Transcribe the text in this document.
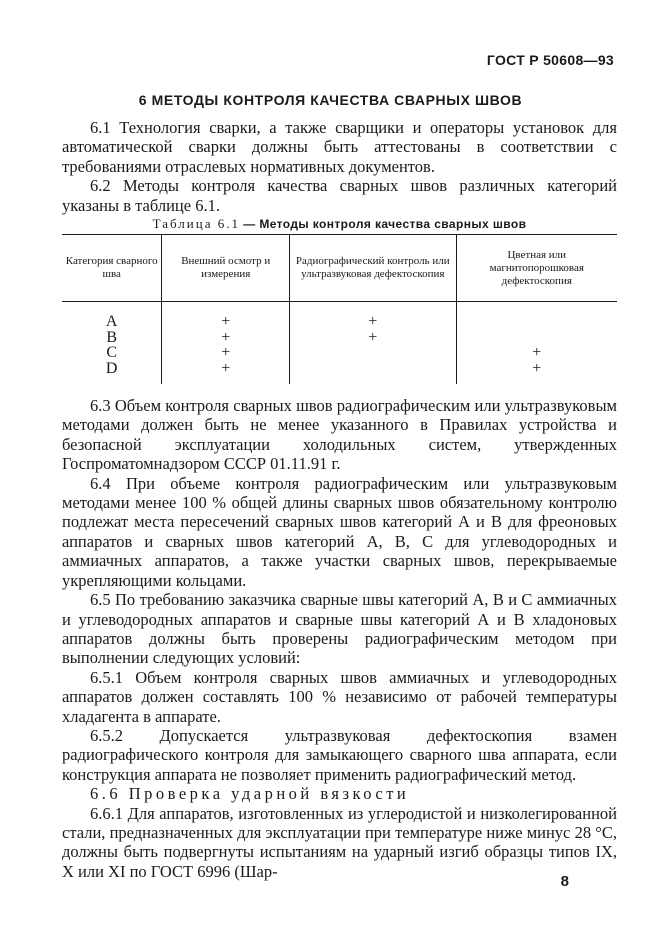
ГОСТ Р 50608—93
6 МЕТОДЫ КОНТРОЛЯ КАЧЕСТВА СВАРНЫХ ШВОВ

6.1 Технология сварки, а также сварщики и операторы установок для автоматической сварки должны быть аттестованы в соответствии с требованиями отраслевых нормативных документов.

6.2 Методы контроля качества сварных швов различных категорий указаны в таблице 6.1.

Таблица 6.1 — Методы контроля качества сварных швов
Категория сварного шва	Внешний осмотр и измерения	Радиографический контроль или ультразвуковая дефектоскопия	Цветная или магнитопорошковая дефектоскопия

А	+	+	
В	+	+	
С	+		+
D	+		+

6.3 Объем контроля сварных швов радиографическим или ультразвуковым методами должен быть не менее указанного в Правилах устройства и безопасной эксплуатации холодильных систем, утвержденных Госпроматомнадзором СССР 01.11.91 г.

6.4 При объеме контроля радиографическим или ультразвуковым методами менее 100 % общей длины сварных швов обязательному контролю подлежат места пересечений сварных швов категорий А и В для фреоновых аппаратов и сварных швов категорий А, В, С для углеводородных и аммиачных аппаратов, а также участки сварных швов, перекрываемые укрепляющими кольцами.

6.5 По требованию заказчика сварные швы категорий А, В и С аммиачных и углеводородных аппаратов и сварные швы категорий А и В хладоновых аппаратов должны быть проверены радиографическим методом при выполнении следующих условий:

6.5.1 Объем контроля сварных швов аммиачных и углеводородных аппаратов должен составлять 100 % независимо от рабочей температуры хладагента в аппарате.

6.5.2 Допускается ультразвуковая дефектоскопия взамен радиографического контроля для замыкающего сварного шва аппарата, если конструкция аппарата не позволяет применить радиографический метод.

6.6 Проверка ударной вязкости

6.6.1 Для аппаратов, изготовленных из углеродистой и низколегированной стали, предназначенных для эксплуатации при температуре ниже минус 28 °С, должны быть подвергнуты испытаниям на ударный изгиб образцы типов IX, X или XI по ГОСТ 6996 (Шар-

8
